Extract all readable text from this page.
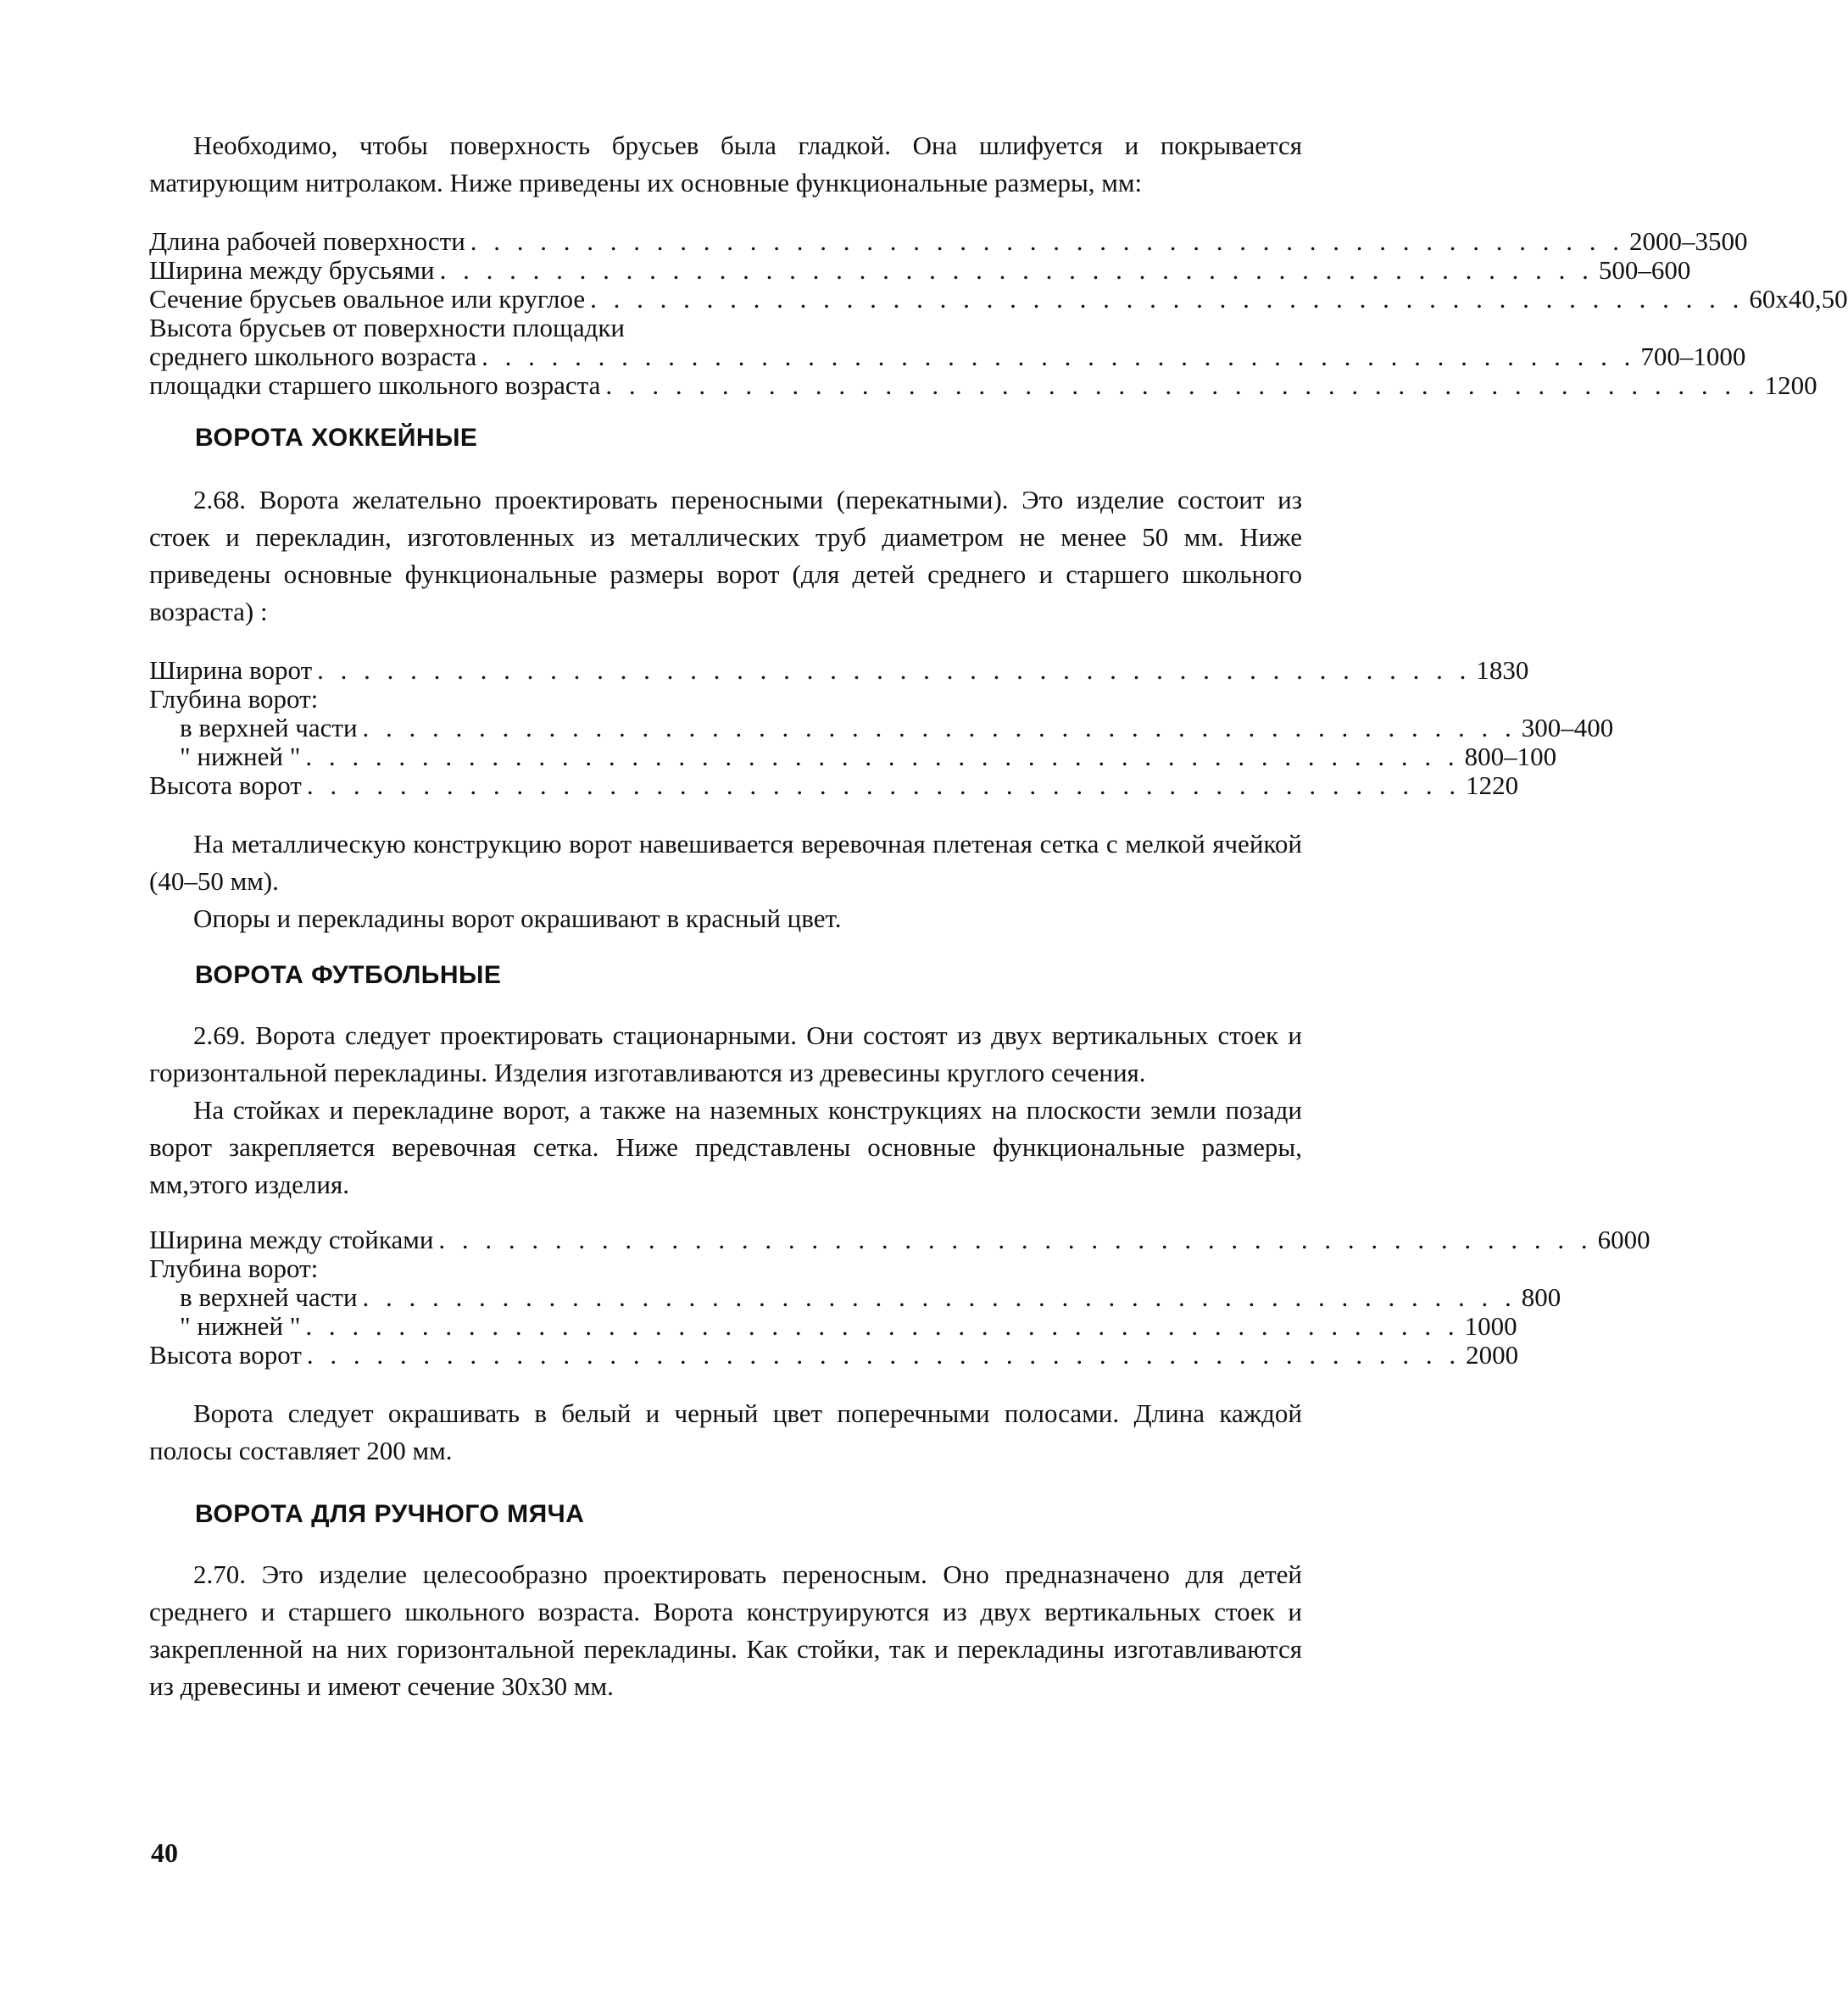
Необходимо, чтобы поверхность брусьев была гладкой. Она шлифуется и покрывается матирующим нитролаком. Ниже приведены их основные функциональные размеры, мм:

Длина рабочей поверхности . . . . . . . . . . . . . . . . . . . . . . . . . . . . . . . . . . . . . . . . . . . . . . . . . . 2000–3500
Ширина между брусьями . . . . . . . . . . . . . . . . . . . . . . . . . . . . . . . . . . . . . . . . . . . . . . . . . . 500–600
Сечение брусьев овальное или круглое . . . . . . . . . . . . . . . . . . . . . . . . . . . . . . . . . . . . . . . . . . . . . . . . . . 60x40,50
Высота брусьев от поверхности площадки
среднего школьного возраста . . . . . . . . . . . . . . . . . . . . . . . . . . . . . . . . . . . . . . . . . . . . . . . . . . 700–1000
площадки старшего школьного возраста . . . . . . . . . . . . . . . . . . . . . . . . . . . . . . . . . . . . . . . . . . . . . . . . . . 1200
ВОРОТА ХОККЕЙНЫЕ

2.68. Ворота желательно проектировать переносными (перекатными). Это изделие состоит из стоек и перекладин, изготовленных из металлических труб диаметром не менее 50 мм. Ниже приведены основные функциональные размеры ворот (для детей среднего и старшего школьного возраста) :

Ширина ворот . . . . . . . . . . . . . . . . . . . . . . . . . . . . . . . . . . . . . . . . . . . . . . . . . . 1830
Глубина ворот:
в верхней части . . . . . . . . . . . . . . . . . . . . . . . . . . . . . . . . . . . . . . . . . . . . . . . . . . 300–400
" нижней " . . . . . . . . . . . . . . . . . . . . . . . . . . . . . . . . . . . . . . . . . . . . . . . . . . 800–100
Высота ворот . . . . . . . . . . . . . . . . . . . . . . . . . . . . . . . . . . . . . . . . . . . . . . . . . . 1220

На металлическую конструкцию ворот навешивается веревочная плетеная сетка с мелкой ячейкой (40–50 мм).

Опоры и перекладины ворот окрашивают в красный цвет.

ВОРОТА ФУТБОЛЬНЫЕ

2.69. Ворота следует проектировать стационарными. Они состоят из двух вертикальных стоек и горизонтальной перекладины. Изделия изготавливаются из древесины круглого сечения.

На стойках и перекладине ворот, а также на наземных конструкциях на плоскости земли позади ворот закрепляется веревочная сетка. Ниже представлены основные функциональные размеры, мм,этого изделия.

Ширина между стойками . . . . . . . . . . . . . . . . . . . . . . . . . . . . . . . . . . . . . . . . . . . . . . . . . . 6000
Глубина ворот:
в верхней части . . . . . . . . . . . . . . . . . . . . . . . . . . . . . . . . . . . . . . . . . . . . . . . . . . 800
" нижней " . . . . . . . . . . . . . . . . . . . . . . . . . . . . . . . . . . . . . . . . . . . . . . . . . . 1000
Высота ворот . . . . . . . . . . . . . . . . . . . . . . . . . . . . . . . . . . . . . . . . . . . . . . . . . . 2000

Ворота следует окрашивать в белый и черный цвет поперечными полосами. Длина каждой полосы составляет 200 мм.

ВОРОТА ДЛЯ РУЧНОГО МЯЧА

2.70. Это изделие целесообразно проектировать переносным. Оно предназначено для детей среднего и старшего школьного возраста. Ворота конструируются из двух вертикальных стоек и закрепленной на них горизонтальной перекладины. Как стойки, так и перекладины изготавливаются из древесины и имеют сечение 30x30 мм.

40
